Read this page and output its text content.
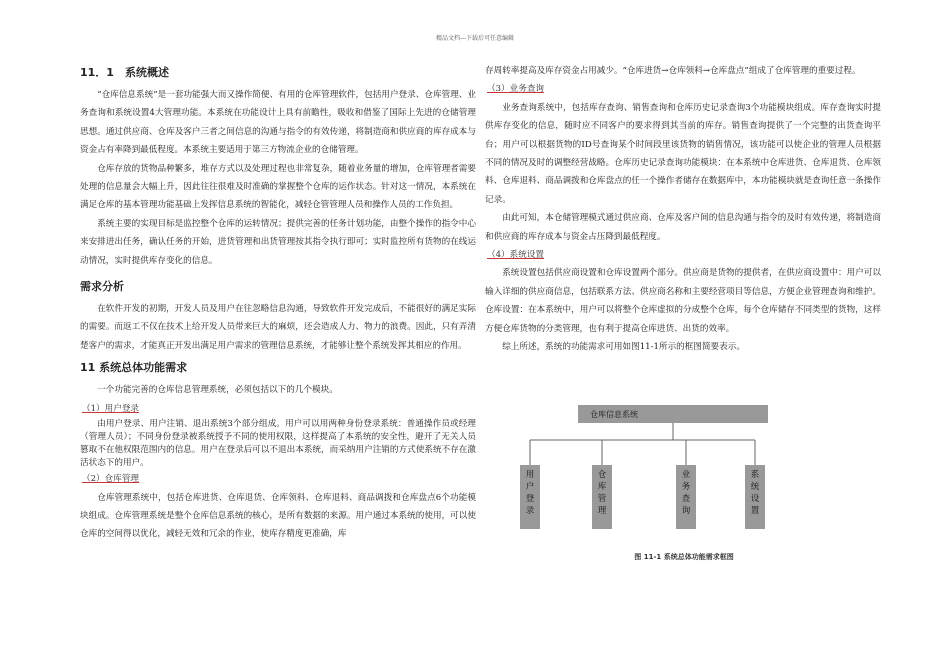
精品文档---下载后可任意编辑
11．1　系统概述

“仓库信息系统”是一套功能强大而又操作简便、有用的仓库管理软件，包括用户登录、仓库管理、业务查询和系统设置4大管理功能。本系统在功能设计上具有前瞻性，吸收和借鉴了国际上先进的仓储管理思想。通过供应商、仓库及客户三者之间信息的沟通与指令的有效传递，将制造商和供应商的库存成本与资金占有率降到最低程度。本系统主要适用于第三方物流企业的仓储管理。

仓库存放的货物品种繁多，堆存方式以及处理过程也非常复杂，随着业务量的增加，仓库管理者需要处理的信息量会大幅上升，因此往往很难及时准确的掌握整个仓库的运作状态。针对这一情况，本系统在满足仓库的基本管理功能基础上发挥信息系统的智能化，减轻仓管管理人员和操作人员的工作负担。

系统主要的实现目标是监控整个仓库的运转情况；提供完善的任务计划功能，由整个操作的指令中心来安排进出任务，确认任务的开始，进货管理和出货管理按其指令执行即可；实时监控所有货物的在线运动情况，实时提供库存变化的信息。

需求分析

在软件开发的初期，开发人员及用户在往忽略信息沟通，导致软件开发完成后，不能很好的满足实际的需要。而返工不仅在技术上给开发人员带来巨大的麻烦，还会造成人力、物力的浪费。因此，只有弄清楚客户的需求，才能真正开发出满足用户需求的管理信息系统，才能够让整个系统发挥其相应的作用。

11 系统总体功能需求

一个功能完善的仓库信息管理系统，必须包括以下的几个模块。

（1）用户登录

由用户登录、用户注销、退出系统3个部分组成。用户可以用两种身份登录系统：普通操作员或经理（管理人员）；不同身份登录被系统授予不同的使用权限，这样提高了本系统的安全性，避开了无关人员篡取不在他权限范围内的信息。用户在登录后可以不退出本系统，而采纳用户注销的方式使系统不存在激活状态下的用户。

（2）仓库管理

仓库管理系统中，包括仓库进货、仓库退货、仓库领料、仓库退料、商品调拨和仓库盘点6个功能模块组成。仓库管理系统是整个仓库信息系统的核心，是所有数据的来源。用户通过本系统的使用，可以使仓库的空间得以优化，减轻无效和冗余的作业，使库存精度更准确，库

存周转率提高及库存资金占用减少。“仓库进货→仓库领料→仓库盘点”组成了仓库管理的重要过程。

（3）业务查询

业务查询系统中，包括库存查询、销售查询和仓库历史记录查询3个功能模块组成。库存查询实时提供库存变化的信息，随时应不同客户的要求得到其当前的库存。销售查询提供了一个完整的出货查询平台；用户可以根据货物的ID号查询某个时间段里该货物的销售情况，该功能可以使企业的管理人员根据不同的情况及时的调整经营战略。仓库历史记录查询功能模块：在本系统中仓库进货、仓库退货、仓库领料、仓库退料、商品调拨和仓库盘点的任一个操作者储存在数据库中，本功能模块就是查询任意一条操作记录。

由此可知，本仓储管理模式通过供应商、仓库及客户间的信息沟通与指令的及时有效传递，将制造商和供应商的库存成本与资金占压降到最低程度。

（4）系统设置

系统设置包括供应商设置和仓库设置两个部分。供应商是货物的提供者，在供应商设置中：用户可以输入详细的供应商信息，包括联系方法、供应商名称和主要经营项目等信息，方便企业管理查询和维护。仓库设置：在本系统中，用户可以将整个仓库虚拟的分成整个仓库，每个仓库储存不同类型的货物，这样方便仓库货物的分类管理，也有利于提高仓库进货、出货的效率。

综上所述，系统的功能需求可用如图11-1所示的框图简要表示。

仓库信息系统
用户登录
仓库管理
业务查询
系统设置
图 11-1 系统总体功能需求框图
